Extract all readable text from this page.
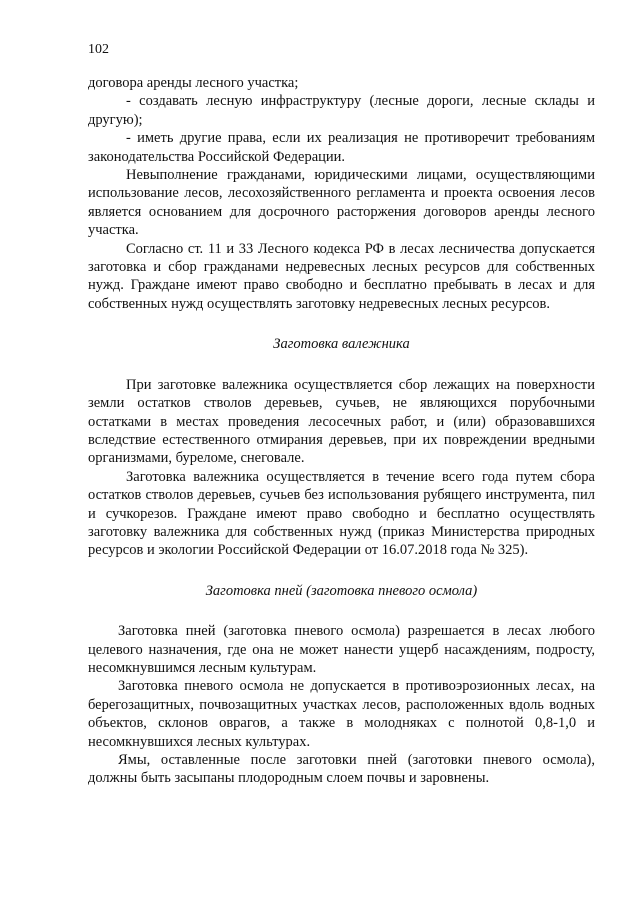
102

договора аренды лесного участка;

- создавать лесную инфраструктуру (лесные дороги, лесные склады и другую);

- иметь другие права, если их реализация не противоречит требованиям законодательства Российской Федерации.

Невыполнение гражданами, юридическими лицами, осуществляющими использование лесов, лесохозяйственного регламента и проекта освоения лесов является основанием для досрочного расторжения договоров аренды лесного участка.

Согласно ст. 11 и 33 Лесного кодекса РФ в лесах лесничества допускается заготовка и сбор гражданами недревесных лесных ресурсов для собственных нужд. Граждане имеют право свободно и бесплатно пребывать в лесах и для собственных нужд осуществлять заготовку недревесных лесных ресурсов.

Заготовка валежника

При заготовке валежника осуществляется сбор лежащих на поверхности земли остатков стволов деревьев, сучьев, не являющихся порубочными остатками в местах проведения лесосечных работ, и (или) образовавшихся вследствие естественного отмирания деревьев, при их повреждении вредными организмами, буреломе, снеговале.

Заготовка валежника осуществляется в течение всего года путем сбора остатков стволов деревьев, сучьев без использования рубящего инструмента, пил и сучкорезов. Граждане имеют право свободно и бесплатно осуществлять заготовку валежника для собственных нужд (приказ Министерства природных ресурсов и экологии Российской Федерации от 16.07.2018 года № 325).

Заготовка пней (заготовка пневого осмола)

Заготовка пней (заготовка пневого осмола) разрешается в лесах любого целевого назначения, где она не может нанести ущерб насаждениям, подросту, несомкнувшимся лесным культурам.

Заготовка пневого осмола не допускается в противоэрозионных лесах, на берегозащитных, почвозащитных участках лесов, расположенных вдоль водных объектов, склонов оврагов, а также в молодняках с полнотой 0,8-1,0 и несомкнувшихся лесных культурах.

Ямы, оставленные после заготовки пней (заготовки пневого осмола), должны быть засыпаны плодородным слоем почвы и заровнены.
